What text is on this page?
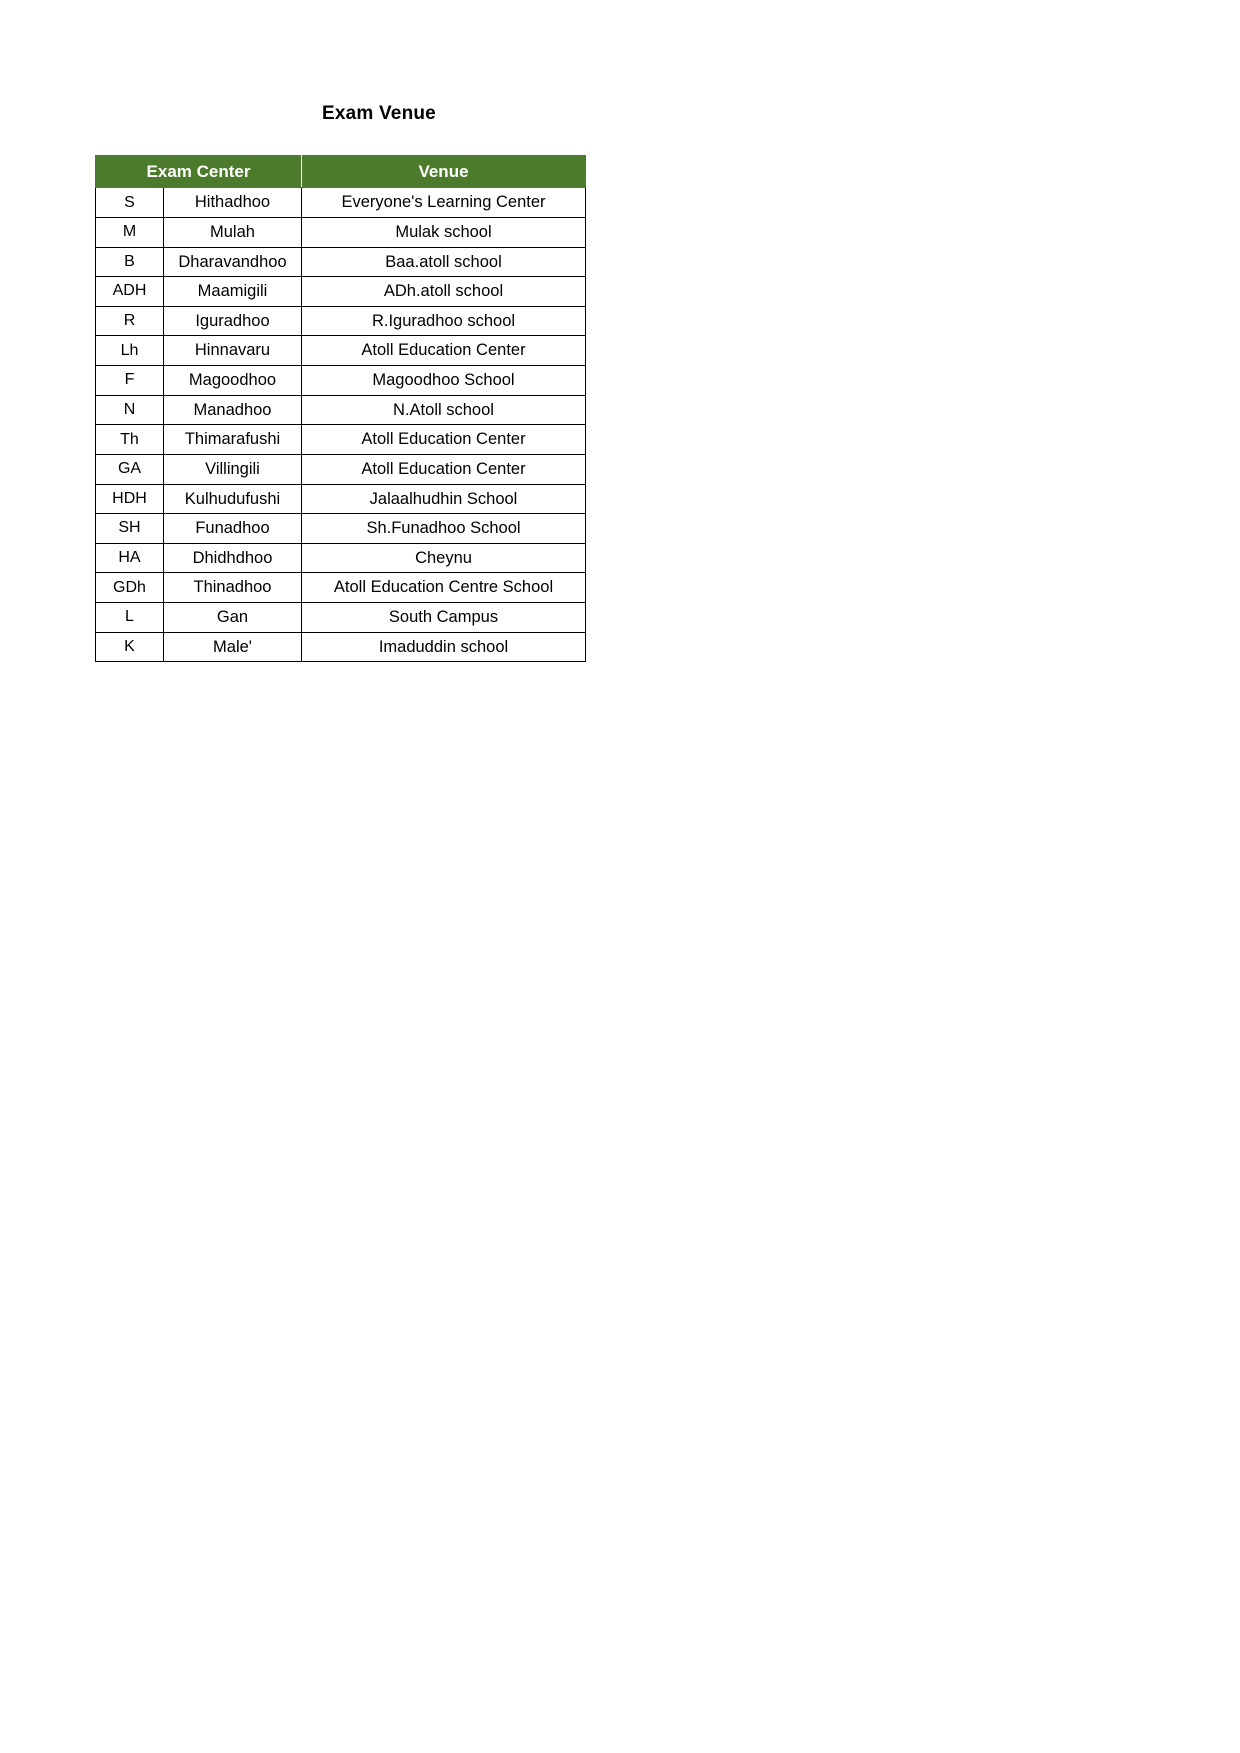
Exam Venue
Exam Center		Venue
S	Hithadhoo	Everyone's Learning Center
M	Mulah	Mulak school
B	Dharavandhoo	Baa.atoll school
ADH	Maamigili	ADh.atoll school
R	Iguradhoo	R.Iguradhoo school
Lh	Hinnavaru	Atoll Education Center
F	Magoodhoo	Magoodhoo School
N	Manadhoo	N.Atoll school
Th	Thimarafushi	Atoll Education Center
GA	Villingili	Atoll Education Center
HDH	Kulhudufushi	Jalaalhudhin School
SH	Funadhoo	Sh.Funadhoo School
HA	Dhidhdhoo	Cheynu
GDh	Thinadhoo	Atoll Education Centre School
L	Gan	South Campus
K	Male'	Imaduddin school
